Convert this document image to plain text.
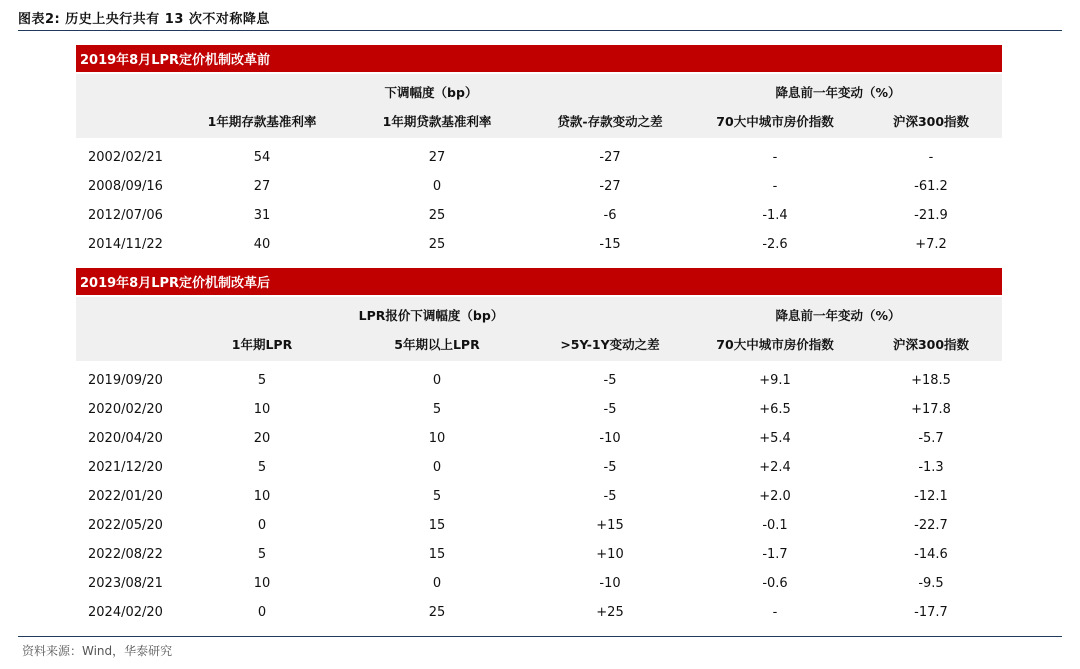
图表2: 历史上央行共有 13 次不对称降息
2019年8月LPR定价机制改革前
下调幅度（bp）	降息前一年变动（%）
1年期存款基准利率	1年期贷款基准利率	贷款-存款变动之差	70大中城市房价指数	沪深300指数
2002/02/21	54	27	-27	-	-
2008/09/16	27	0	-27	-	-61.2
2012/07/06	31	25	-6	-1.4	-21.9
2014/11/22	40	25	-15	-2.6	+7.2
2019年8月LPR定价机制改革后
LPR报价下调幅度（bp）	降息前一年变动（%）
1年期LPR	5年期以上LPR	>5Y-1Y变动之差	70大中城市房价指数	沪深300指数
2019/09/20	5	0	-5	+9.1	+18.5
2020/02/20	10	5	-5	+6.5	+17.8
2020/04/20	20	10	-10	+5.4	-5.7
2021/12/20	5	0	-5	+2.4	-1.3
2022/01/20	10	5	-5	+2.0	-12.1
2022/05/20	0	15	+15	-0.1	-22.7
2022/08/22	5	15	+10	-1.7	-14.6
2023/08/21	10	0	-10	-0.6	-9.5
2024/02/20	0	25	+25	-	-17.7
资料来源：Wind，华泰研究
